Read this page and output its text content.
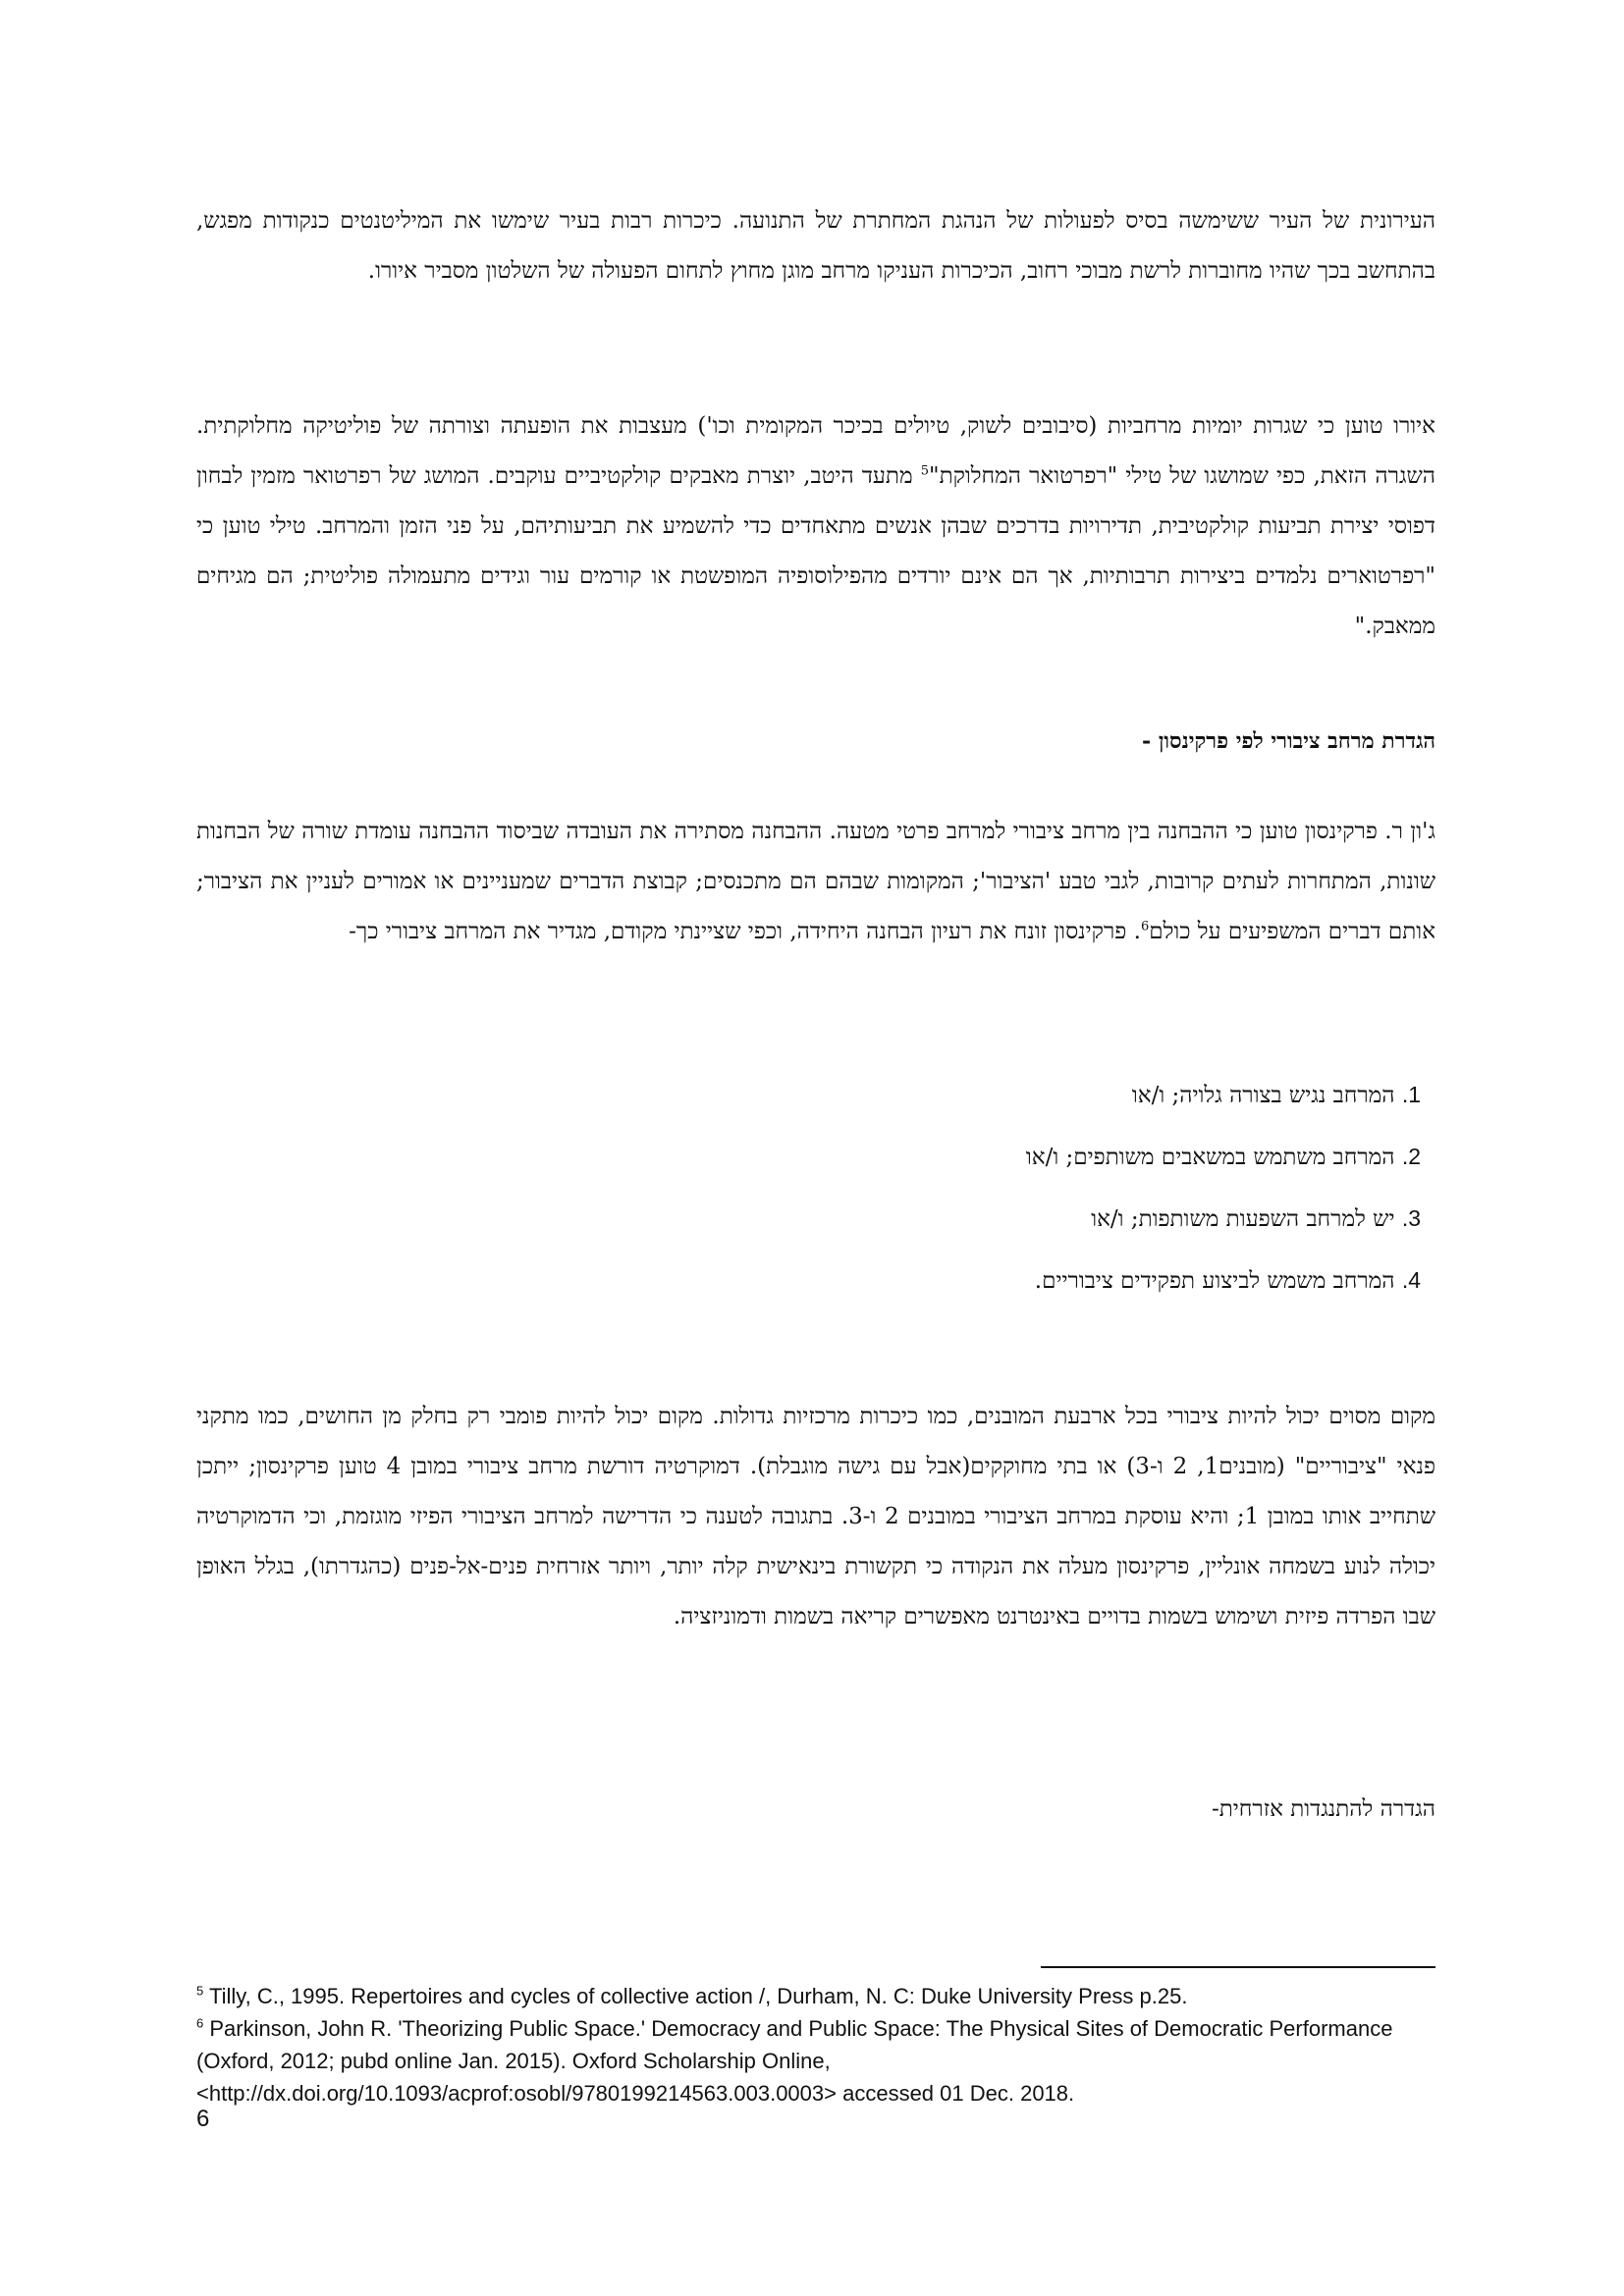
העירונית של העיר ששימשה בסיס לפעולות של הנהגת המחתרת של התנועה. כיכרות רבות בעיר שימשו את המיליטנטים כנקודות מפגש, בהתחשב בכך שהיו מחוברות לרשת מבוכי רחוב, הכיכרות העניקו מרחב מוגן מחוץ לתחום הפעולה של השלטון מסביר איורו.

איורו טוען כי שגרות יומיות מרחביות (סיבובים לשוק, טיולים בכיכר המקומית וכו') מעצבות את הופעתה וצורתה של פוליטיקה מחלוקתית. השגרה הזאת, כפי שמושגו של טילי "רפרטואר המחלוקת"$^5$ מתעד היטב, יוצרת מאבקים קולקטיביים עוקבים. המושג של רפרטואר מזמין לבחון דפוסי יצירת תביעות קולקטיבית, תדירויות בדרכים שבהן אנשים מתאחדים כדי להשמיע את תביעותיהם, על פני הזמן והמרחב. טילי טוען כי "רפרטוארים נלמדים ביצירות תרבותיות, אך הם אינם יורדים מהפילוסופיה המופשטת או קורמים עור וגידים מתעמולה פוליטית; הם מגיחים ממאבק."

הגדרת מרחב ציבורי לפי פרקינסון -

ג'ון ר. פרקינסון טוען כי ההבחנה בין מרחב ציבורי למרחב פרטי מטעה. ההבחנה מסתירה את העובדה שביסוד ההבחנה עומדת שורה של הבחנות שונות, המתחרות לעתים קרובות, לגבי טבע 'הציבור'; המקומות שבהם הם מתכנסים; קבוצת הדברים שמעניינים או אמורים לעניין את הציבור; אותם דברים המשפיעים על כולם$^6$. פרקינסון זונח את רעיון הבחנה היחידה, וכפי שציינתי מקודם, מגדיר את המרחב ציבורי כך-

1. המרחב נגיש בצורה גלויה; ו/או
2. המרחב משתמש במשאבים משותפים; ו/או
3. יש למרחב השפעות משותפות; ו/או
4. המרחב משמש לביצוע תפקידים ציבוריים.

מקום מסוים יכול להיות ציבורי בכל ארבעת המובנים, כמו כיכרות מרכזיות גדולות. מקום יכול להיות פומבי רק בחלק מן החושים, כמו מתקני פנאי "ציבוריים" (מובנים1, 2 ו-3) או בתי מחוקקים(אבל עם גישה מוגבלת). דמוקרטיה דורשת מרחב ציבורי במובן 4 טוען פרקינסון; ייתכן שתחייב אותו במובן 1; והיא עוסקת במרחב הציבורי במובנים 2 ו-3. בתגובה לטענה כי הדרישה למרחב הציבורי הפיזי מוגזמת, וכי הדמוקרטיה יכולה לנוע בשמחה אונליין, פרקינסון מעלה את הנקודה כי תקשורת בינאישית קלה יותר, ויותר אזרחית פנים-אל-פנים (כהגדרתו), בגלל האופן שבו הפרדה פיזית ושימוש בשמות בדויים באינטרנט מאפשרים קריאה בשמות ודמוניזציה.

הגדרה להתנגדות אזרחית-

$^5$ Tilly, C., 1995. Repertoires and cycles of collective action /, Durham, N. C: Duke University Press p.25.

$^6$ Parkinson, John R. 'Theorizing Public Space.' Democracy and Public Space: The Physical Sites of Democratic Performance (Oxford, 2012; pubd online Jan. 2015). Oxford Scholarship Online, <http://dx.doi.org/10.1093/acprof:osobl/9780199214563.003.0003> accessed 01 Dec. 2018.

6
